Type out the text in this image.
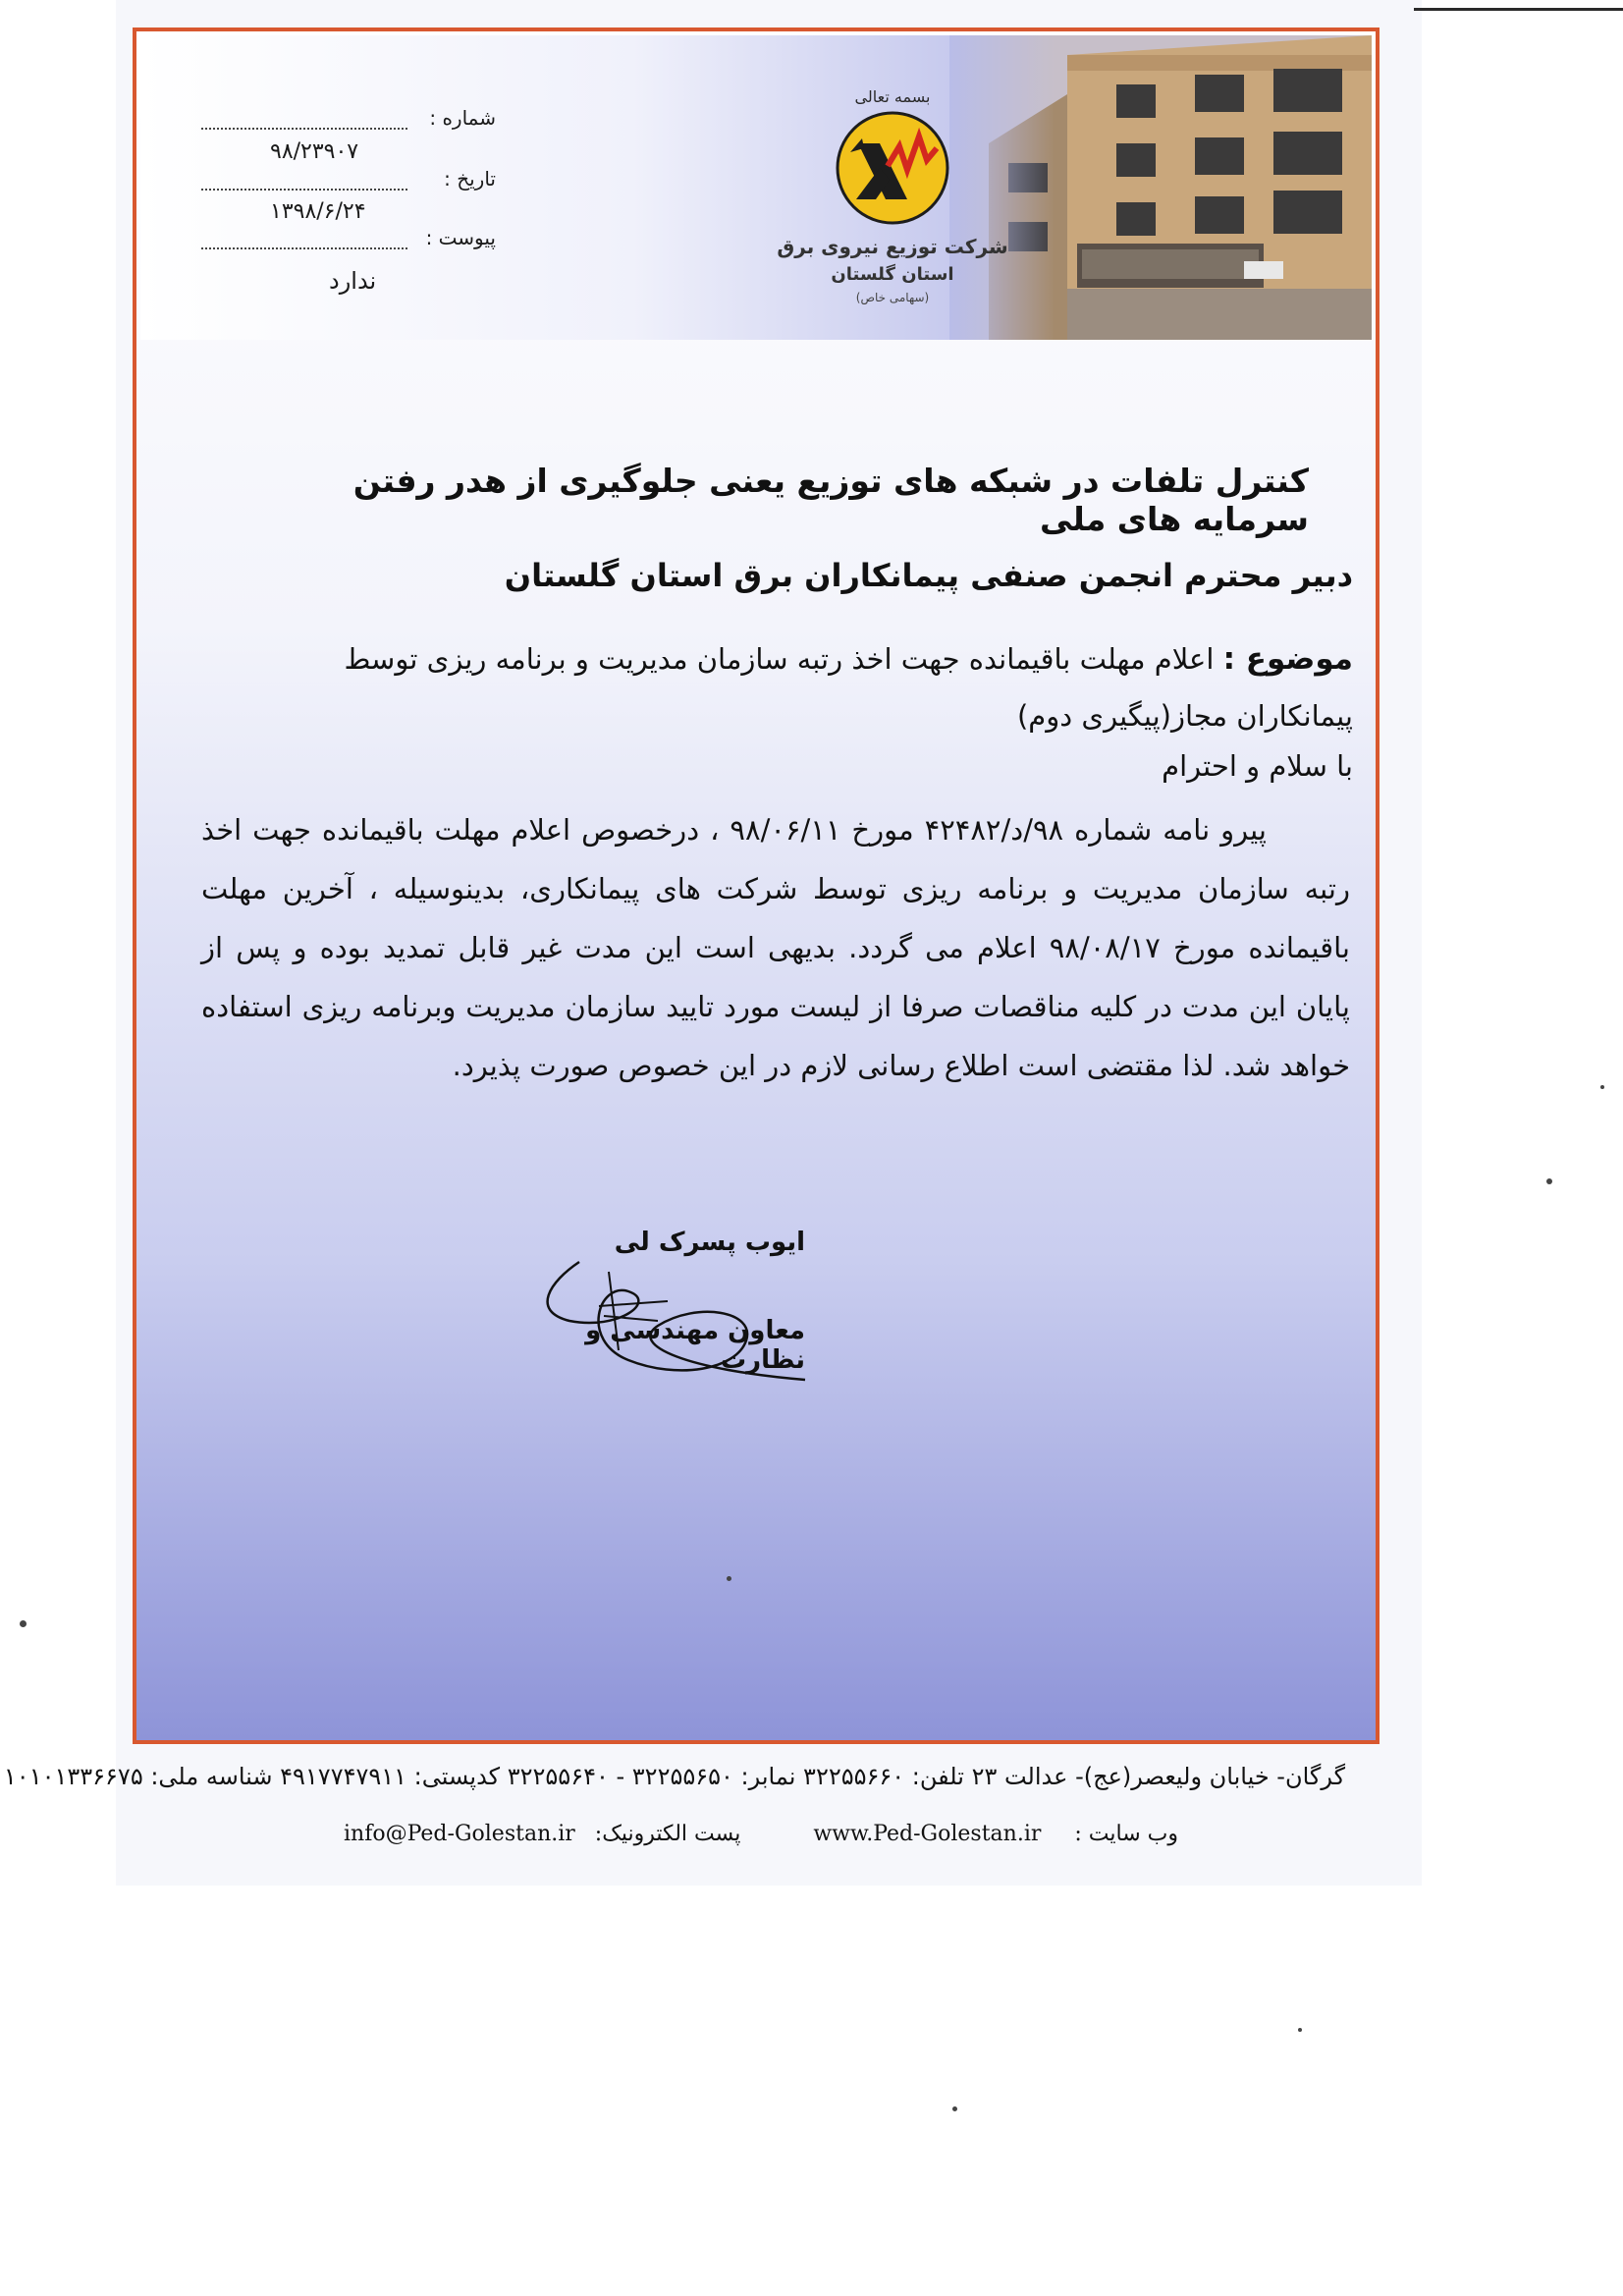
بسمه تعالی
شرکت توزیع نیروی برق
استان گلستان
(سهامی خاص)
شماره :
۹۸/۲۳۹۰۷
تاریخ :
۱۳۹۸/۶/۲۴
پیوست :
ندارد
کنترل تلفات در شبکه های توزیع یعنی جلوگیری از هدر رفتن سرمایه های ملی
دبیر محترم انجمن صنفی پیمانکاران برق استان گلستان
موضوع : اعلام مهلت باقیمانده جهت اخذ رتبه سازمان مدیریت و برنامه ریزی توسط پیمانکاران مجاز(پیگیری دوم)
با سلام و احترام

پیرو نامه شماره ۹۸/د/۴۲۴۸۲ مورخ ۹۸/۰۶/۱۱ ، درخصوص اعلام مهلت باقیمانده جهت اخذ رتبه سازمان مدیریت و برنامه ریزی توسط شرکت های پیمانکاری، بدینوسیله ، آخرین مهلت باقیمانده مورخ ۹۸/۰۸/۱۷ اعلام می گردد. بدیهی است این مدت غیر قابل تمدید بوده و پس از پایان این مدت در کلیه مناقصات صرفا از لیست مورد تایید سازمان مدیریت وبرنامه ریزی استفاده خواهد شد. لذا مقتضی است اطلاع رسانی لازم در این خصوص صورت پذیرد.

ایوب پسرک لی
معاون مهندسی و نظارت
گرگان- خیابان ولیعصر(عج)- عدالت ۲۳ تلفن: ۳۲۲۵۵۶۶۰ نمابر: ۳۲۲۵۵۶۵۰ - ۳۲۲۵۵۶۴۰ کدپستی: ۴۹۱۷۷۴۷۹۱۱ شناسه ملی: ۱۰۱۰۱۳۳۶۶۷۵
وب سایت :  www.Ped-Golestan.ir
پست الکترونیک:  info@Ped-Golestan.ir
